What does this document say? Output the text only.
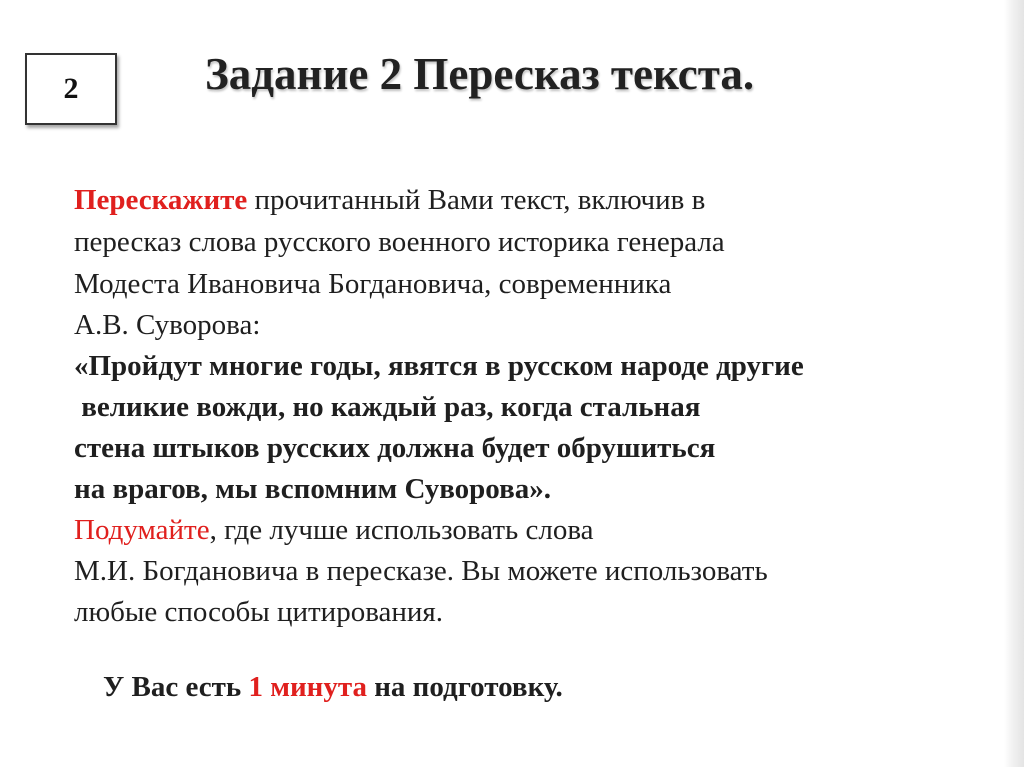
2	Задание 2 Пересказ текста.
Перескажите прочитанный Вами текст, включив в
пересказ слова русского военного историка генерала
Модеста Ивановича Богдановича, современника
А.В. Суворова:
«Пройдут многие годы, явятся в русском народе другие
великие вожди, но каждый раз, когда стальная
стена штыков русских должна будет обрушиться
на врагов, мы вспомним Суворова».
Подумайте, где лучше использовать слова
М.И. Богдановича в пересказе. Вы можете использовать
любые способы цитирования.

У Вас есть 1 минута на подготовку.
